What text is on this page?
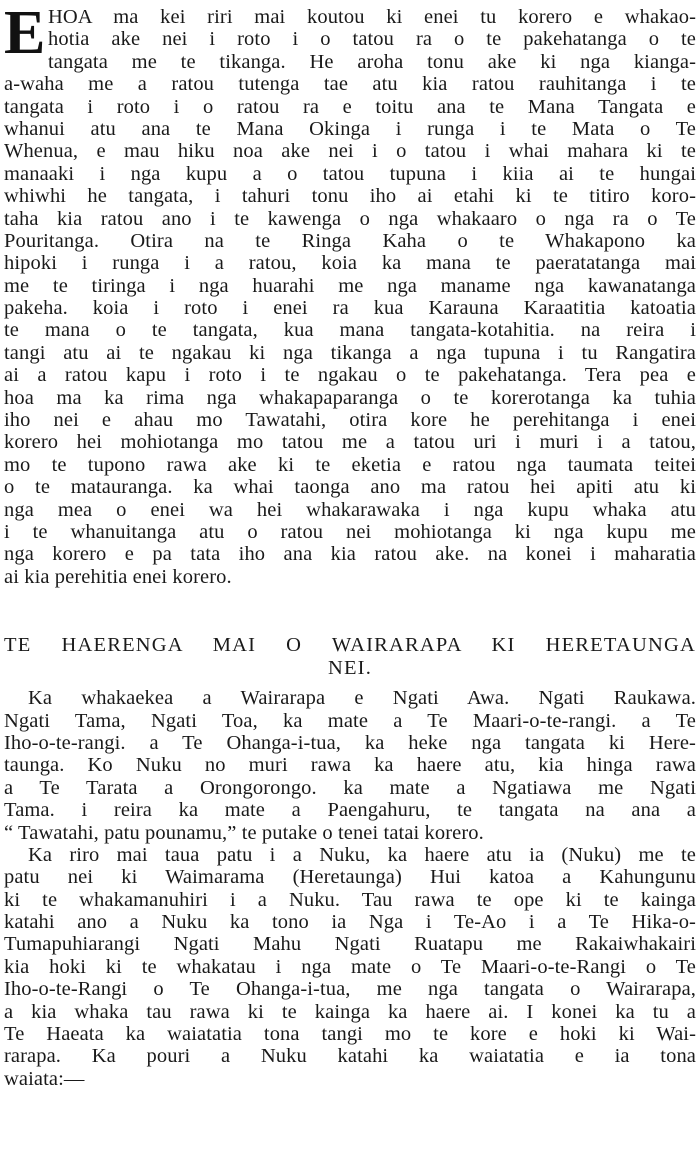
E HOA ma kei riri mai koutou ki enei tu korero e whakao-
hotia ake nei i roto i o tatou ra o te pakehatanga o te
tangata me te tikanga. He aroha tonu ake ki nga kianga-
a-waha me a ratou tutenga tae atu kia ratou rauhitanga i te
tangata i roto i o ratou ra e toitu ana te Mana Tangata e
whanui atu ana te Mana Okinga i runga i te Mata o Te
Whenua, e mau hiku noa ake nei i o tatou i whai mahara ki te
manaaki i nga kupu a o tatou tupuna i kiia ai te hungai
whiwhi he tangata, i tahuri tonu iho ai etahi ki te titiro koro-
taha kia ratou ano i te kawenga o nga whakaaro o nga ra o Te
Pouritanga. Otira na te Ringa Kaha o te Whakapono ka
hipoki i runga i a ratou, koia ka mana te paeratatanga mai
me te tiringa i nga huarahi me nga maname nga kawanatanga
pakeha. koia i roto i enei ra kua Karauna Karaatitia katoatia
te mana o te tangata, kua mana tangata-kotahitia. na reira i
tangi atu ai te ngakau ki nga tikanga a nga tupuna i tu Rangatira
ai a ratou kapu i roto i te ngakau o te pakehatanga. Tera pea e
hoa ma ka rima nga whakapaparanga o te korerotanga ka tuhia
iho nei e ahau mo Tawatahi, otira kore he perehitanga i enei
korero hei mohiotanga mo tatou me a tatou uri i muri i a tatou,
mo te tupono rawa ake ki te eketia e ratou nga taumata teitei
o te matauranga. ka whai taonga ano ma ratou hei apiti atu ki
nga mea o enei wa hei whakarawaka i nga kupu whaka atu
i te whanuitanga atu o ratou nei mohiotanga ki nga kupu me
nga korero e pa tata iho ana kia ratou ake. na konei i maharatia
ai kia perehitia enei korero.
TE HAERENGA MAI O WAIRARAPA KI HERETAUNGA
NEI.
Ka whakaekea a Wairarapa e Ngati Awa. Ngati Raukawa.
Ngati Tama, Ngati Toa, ka mate a Te Maari-o-te-rangi. a Te
Iho-o-te-rangi. a Te Ohanga-i-tua, ka heke nga tangata ki Here-
taunga. Ko Nuku no muri rawa ka haere atu, kia hinga rawa
a Te Tarata a Orongorongo. ka mate a Ngatiawa me Ngati
Tama. i reira ka mate a Paengahuru, te tangata na ana a
“ Tawatahi, patu pounamu,” te putake o tenei tatai korero.
Ka riro mai taua patu i a Nuku, ka haere atu ia (Nuku) me te
patu nei ki Waimarama (Heretaunga) Hui katoa a Kahungunu
ki te whakamanuhiri i a Nuku. Tau rawa te ope ki te kainga
katahi ano a Nuku ka tono ia Nga i Te-Ao i a Te Hika-o-
Tumapuhiarangi Ngati Mahu Ngati Ruatapu me Rakaiwhakairi
kia hoki ki te whakatau i nga mate o Te Maari-o-te-Rangi o Te
Iho-o-te-Rangi o Te Ohanga-i-tua, me nga tangata o Wairarapa,
a kia whaka tau rawa ki te kainga ka haere ai. I konei ka tu a
Te Haeata ka waiatatia tona tangi mo te kore e hoki ki Wai-
rarapa. Ka pouri a Nuku katahi ka waiatatia e ia tona
waiata:—
